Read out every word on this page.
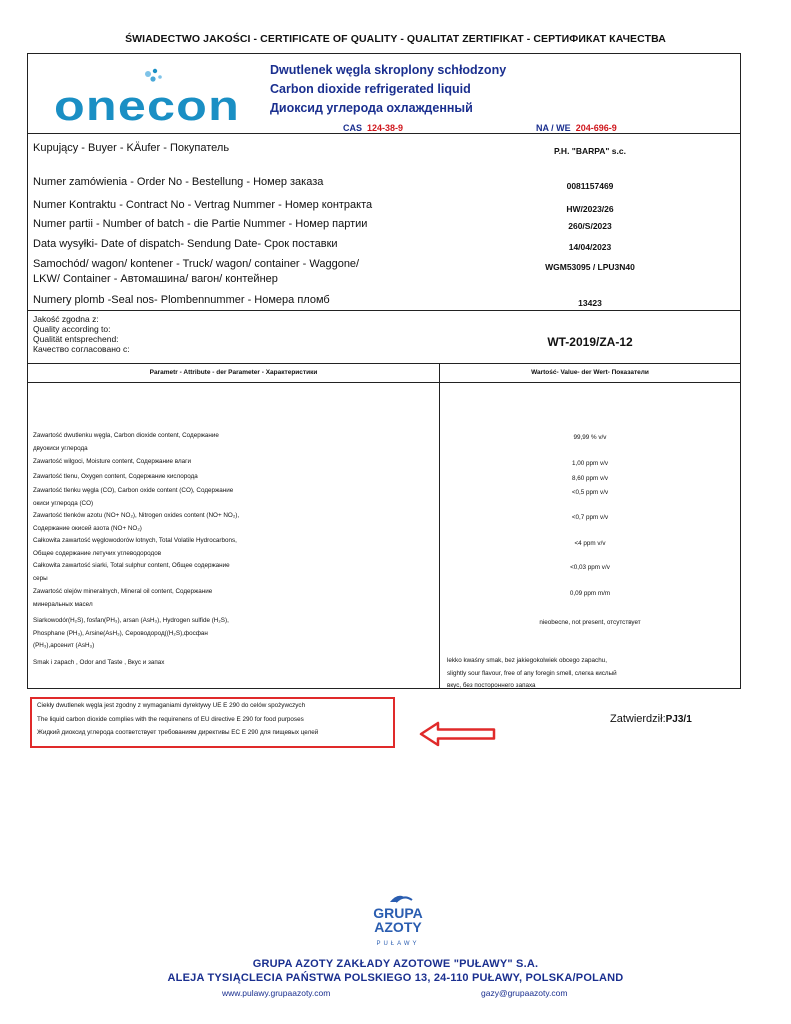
ŚWIADECTWO JAKOŚCI - CERTIFICATE OF QUALITY - QUALITAT ZERTIFIKAT - СЕРТИФИКАТ КАЧЕСТВА
onecon
Dwutlenek węgla skroplony schłodzony
Carbon dioxide refrigerated liquid
Диоксид углерода охлажденный
CAS 124-38-9	NA / WE 204-696-9
Kupujący - Buyer - KÄufer - Покупатель	P.H. "BARPA" s.c.
Numer zamówienia - Order No - Bestellung - Номер заказа	0081157469
Numer Kontraktu - Contract No - Vertrag Nummer - Номер контракта	HW/2023/26
Numer partii - Number of batch - die Partie Nummer - Номер партии	260/S/2023
Data wysyłki- Date of dispatch- Sendung Date- Срок поставки	14/04/2023
Samochód/ wagon/ kontener - Truck/ wagon/ container - Waggone/
LKW/ Container - Автомашина/ вагон/ контейнер
WGM53095 / LPU3N40
Numery plomb -Seal nos- Plombennummer - Номера пломб	13423
Jakość zgodna z:
Quality according to:
Qualität entsprechend:
Качество согласовано с:	WT-2019/ZA-12
Parametr - Attribute - der Parameter - Характеристики	Wartość- Value- der Wert- Показатели
Zawartość dwutlenku węgla, Carbon dioxide content, Содержание
двуокиси углерода
99,99 % v/v
Zawartość wilgoci, Moisture content, Содержание влаги	1,00 ppm v/v
Zawartość tlenu, Oxygen content, Содержание кислорода	8,60 ppm v/v
Zawartość tlenku węgla (CO), Carbon oxide content (CO), Содержание
окиси углерода (CO)
<0,5 ppm v/v
Zawartość tlenków azotu (NO+ NO₂), Nitrogen oxides content (NO+ NO₂),
Содержание окисей азота (NO+ NO₂)
<0,7 ppm v/v
Całkowita zawartość węglowodorów lotnych, Total Volatile Hydrocarbons,
Общее содержание летучих углеводородов
<4 ppm v/v
Całkowita zawartość siarki, Total sulphur content, Общее содержание
серы
<0,03 ppm v/v
Zawartość olejów mineralnych, Mineral oil content, Содержание
минеральных масел
0,09 ppm m/m
Siarkowodór(H₂S), fosfan(PH₃), arsan (AsH₃), Hydrogen sulfide (H₂S),
Phosphane (PH₃), Arsine(AsH₃), Сероводород((H₂S),фосфан
(PH₃),арсенит (AsH₃)
nieobecne, not present, отсутствует
Smak i zapach , Odor and Taste , Вкус и запах	lekko kwaśny smak, bez jakiegokolwiek obcego zapachu,
slightly sour flavour, free of any foregin smell, слегка кислый
вкус, без постороннего запаха
Ciekły dwutlenek węgla jest zgodny z wymaganiami dyrektywy UE E 290 do celów spożywczych
The liquid carbon dioxide complies with the requirenens of EU directive E 290 for food purposes
Жидкий диоксид углерода соответствует требованиям директивы ЕС E 290 для пищевых целей
Zatwierdził:PJ3/1
GRUPA
AZOTY
PUŁAWY
GRUPA AZOTY ZAKŁADY AZOTOWE "PUŁAWY" S.A.
ALEJA TYSIĄCLECIA PAŃSTWA POLSKIEGO 13, 24-110 PUŁAWY, POLSKA/POLAND
www.pulawy.grupaazoty.com	gazy@grupaazoty.com
